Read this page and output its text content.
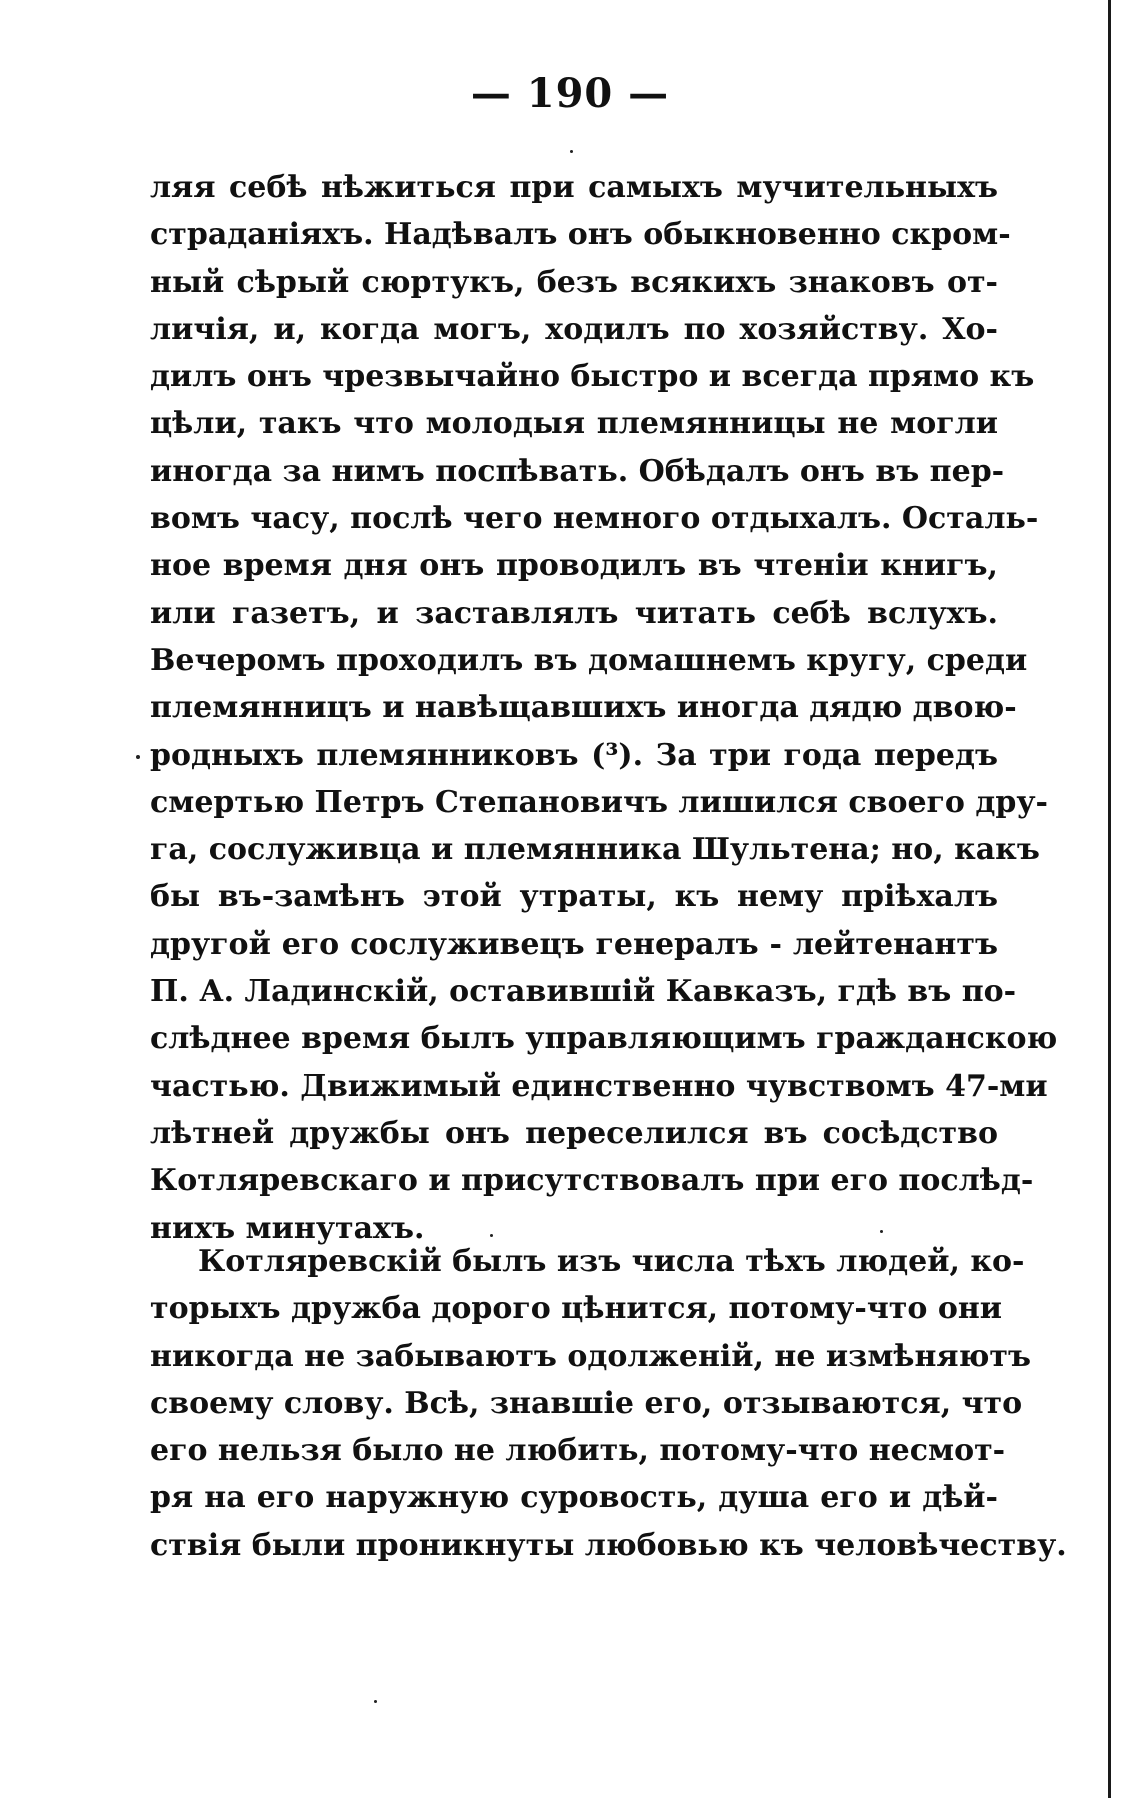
— 190 —
ляя себѣ нѣжиться при самыхъ мучительныхъ
страданіяхъ. Надѣвалъ онъ обыкновенно скром-
ный сѣрый сюртукъ, безъ всякихъ знаковъ от-
личія, и, когда могъ, ходилъ по хозяйству. Хо-
дилъ онъ чрезвычайно быстро и всегда прямо къ
цѣли, такъ что молодыя племянницы не могли
иногда за нимъ поспѣвать. Обѣдалъ онъ въ пер-
вомъ часу, послѣ чего немного отдыхалъ. Осталь-
ное время дня онъ проводилъ въ чтеніи книгъ,
или газетъ, и заставлялъ читать себѣ вслухъ.
Вечеромъ проходилъ въ домашнемъ кругу, среди
племянницъ и навѣщавшихъ иногда дядю двою-
родныхъ племянниковъ (³). За три года передъ
смертью Петръ Степановичъ лишился своего дру-
га, сослуживца и племянника Шультена; но, какъ
бы въ-замѣнъ этой утраты, къ нему пріѣхалъ
другой его сослуживецъ генералъ - лейтенантъ
П. А. Ладинскій, оставившій Кавказъ, гдѣ въ по-
слѣднее время былъ управляющимъ гражданскою
частью. Движимый единственно чувствомъ 47-ми
лѣтней дружбы онъ переселился въ сосѣдство
Котляревскаго и присутствовалъ при его послѣд-
нихъ минутахъ.
Котляревскій былъ изъ числа тѣхъ людей, ко-
торыхъ дружба дорого цѣнится, потому-что они
никогда не забываютъ одолженій, не измѣняютъ
своему слову. Всѣ, знавшіе его, отзываются, что
его нельзя было не любить, потому-что несмот-
ря на его наружную суровость, душа его и дѣй-
ствія были проникнуты любовью къ человѣчеству.
